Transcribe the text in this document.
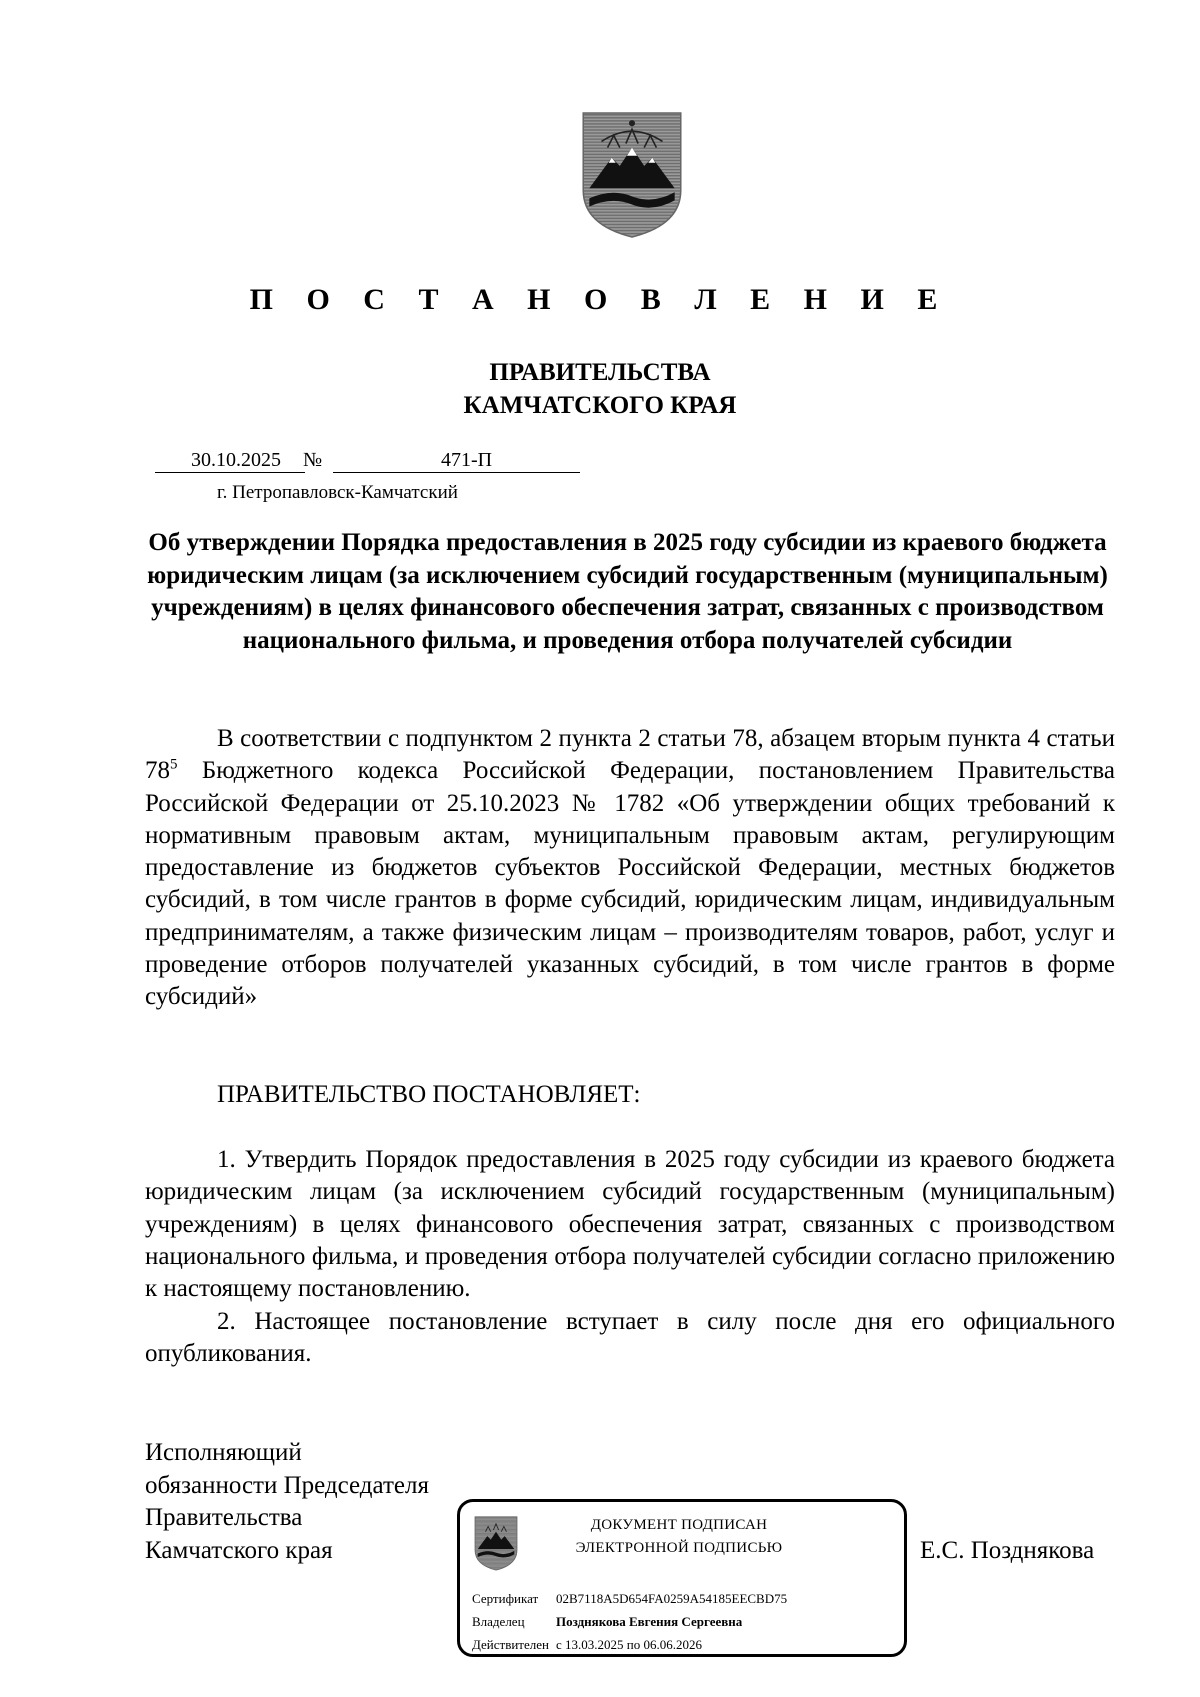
П О С Т А Н О В Л Е Н И Е
ПРАВИТЕЛЬСТВА
КАМЧАТСКОГО КРАЯ
30.10.2025	№	471-П
г. Петропавловск-Камчатский
Об утверждении Порядка предоставления в 2025 году субсидии из краевого бюджета юридическим лицам (за исключением субсидий государственным (муниципальным) учреждениям) в целях финансового обеспечения затрат, связанных с производством национального фильма, и проведения отбора получателей субсидии
В соответствии с подпунктом 2 пункта 2 статьи 78, абзацем вторым пункта 4 статьи $78^5$ Бюджетного кодекса Российской Федерации, постановлением Правительства Российской Федерации от 25.10.2023 № 1782 «Об утверждении общих требований к нормативным правовым актам, муниципальным правовым актам, регулирующим предоставление из бюджетов субъектов Российской Федерации, местных бюджетов субсидий, в том числе грантов в форме субсидий, юридическим лицам, индивидуальным предпринимателям, а также физическим лицам – производителям товаров, работ, услуг и проведение отборов получателей указанных субсидий, в том числе грантов в форме субсидий»
ПРАВИТЕЛЬСТВО ПОСТАНОВЛЯЕТ:
1. Утвердить Порядок предоставления в 2025 году субсидии из краевого бюджета юридическим лицам (за исключением субсидий государственным (муниципальным) учреждениям) в целях финансового обеспечения затрат, связанных с производством национального фильма, и проведения отбора получателей субсидии согласно приложению к настоящему постановлению.
2. Настоящее постановление вступает в силу после дня его официального опубликования.
Исполняющий
обязанности Председателя
Правительства
Камчатского края
ДОКУМЕНТ ПОДПИСАН
ЭЛЕКТРОННОЙ ПОДПИСЬЮ
Сертификат 02B7118A5D654FA0259A54185EECBD75
Владелец Позднякова Евгения Сергеевна
Действителен с 13.03.2025 по 06.06.2026
Е.С. Позднякова
